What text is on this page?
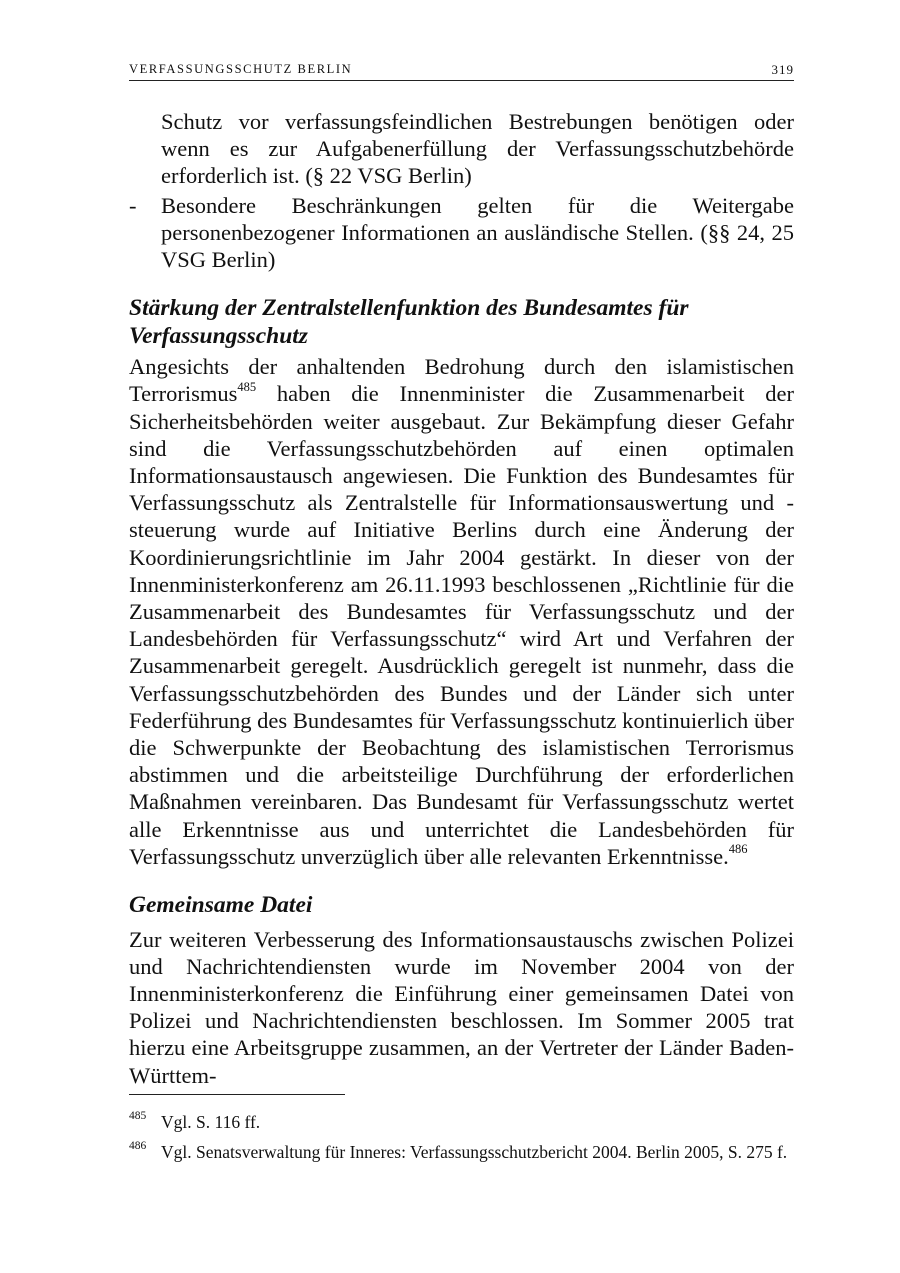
VERFASSUNGSSCHUTZ BERLIN	319

Schutz vor verfassungsfeindlichen Bestrebungen benötigen oder wenn es zur Aufgabenerfüllung der Verfassungsschutzbehörde erforderlich ist. (§ 22 VSG Berlin)

- Besondere Beschränkungen gelten für die Weitergabe personenbezogener Informationen an ausländische Stellen. (§§ 24, 25 VSG Berlin)

Stärkung der Zentralstellenfunktion des Bundesamtes für Verfassungsschutz

Angesichts der anhaltenden Bedrohung durch den islamistischen Terrorismus$^{485}$ haben die Innenminister die Zusammenarbeit der Sicherheitsbehörden weiter ausgebaut. Zur Bekämpfung dieser Gefahr sind die Verfassungsschutzbehörden auf einen optimalen Informationsaustausch angewiesen. Die Funktion des Bundesamtes für Verfassungsschutz als Zentralstelle für Informationsauswertung und -steuerung wurde auf Initiative Berlins durch eine Änderung der Koordinierungsrichtlinie im Jahr 2004 gestärkt. In dieser von der Innenministerkonferenz am 26.11.1993 beschlossenen „Richtlinie für die Zusammenarbeit des Bundesamtes für Verfassungsschutz und der Landesbehörden für Verfassungsschutz“ wird Art und Verfahren der Zusammenarbeit geregelt. Ausdrücklich geregelt ist nunmehr, dass die Verfassungsschutzbehörden des Bundes und der Länder sich unter Federführung des Bundesamtes für Verfassungsschutz kontinuierlich über die Schwerpunkte der Beobachtung des islamistischen Terrorismus abstimmen und die arbeitsteilige Durchführung der erforderlichen Maßnahmen vereinbaren. Das Bundesamt für Verfassungsschutz wertet alle Erkenntnisse aus und unterrichtet die Landesbehörden für Verfassungsschutz unverzüglich über alle relevanten Erkenntnisse.$^{486}$

Gemeinsame Datei

Zur weiteren Verbesserung des Informationsaustauschs zwischen Polizei und Nachrichtendiensten wurde im November 2004 von der Innenministerkonferenz die Einführung einer gemeinsamen Datei von Polizei und Nachrichtendiensten beschlossen. Im Sommer 2005 trat hierzu eine Arbeitsgruppe zusammen, an der Vertreter der Länder Baden-Württem-

485 Vgl. S. 116 ff.
486 Vgl. Senatsverwaltung für Inneres: Verfassungsschutzbericht 2004. Berlin 2005, S. 275 f.
